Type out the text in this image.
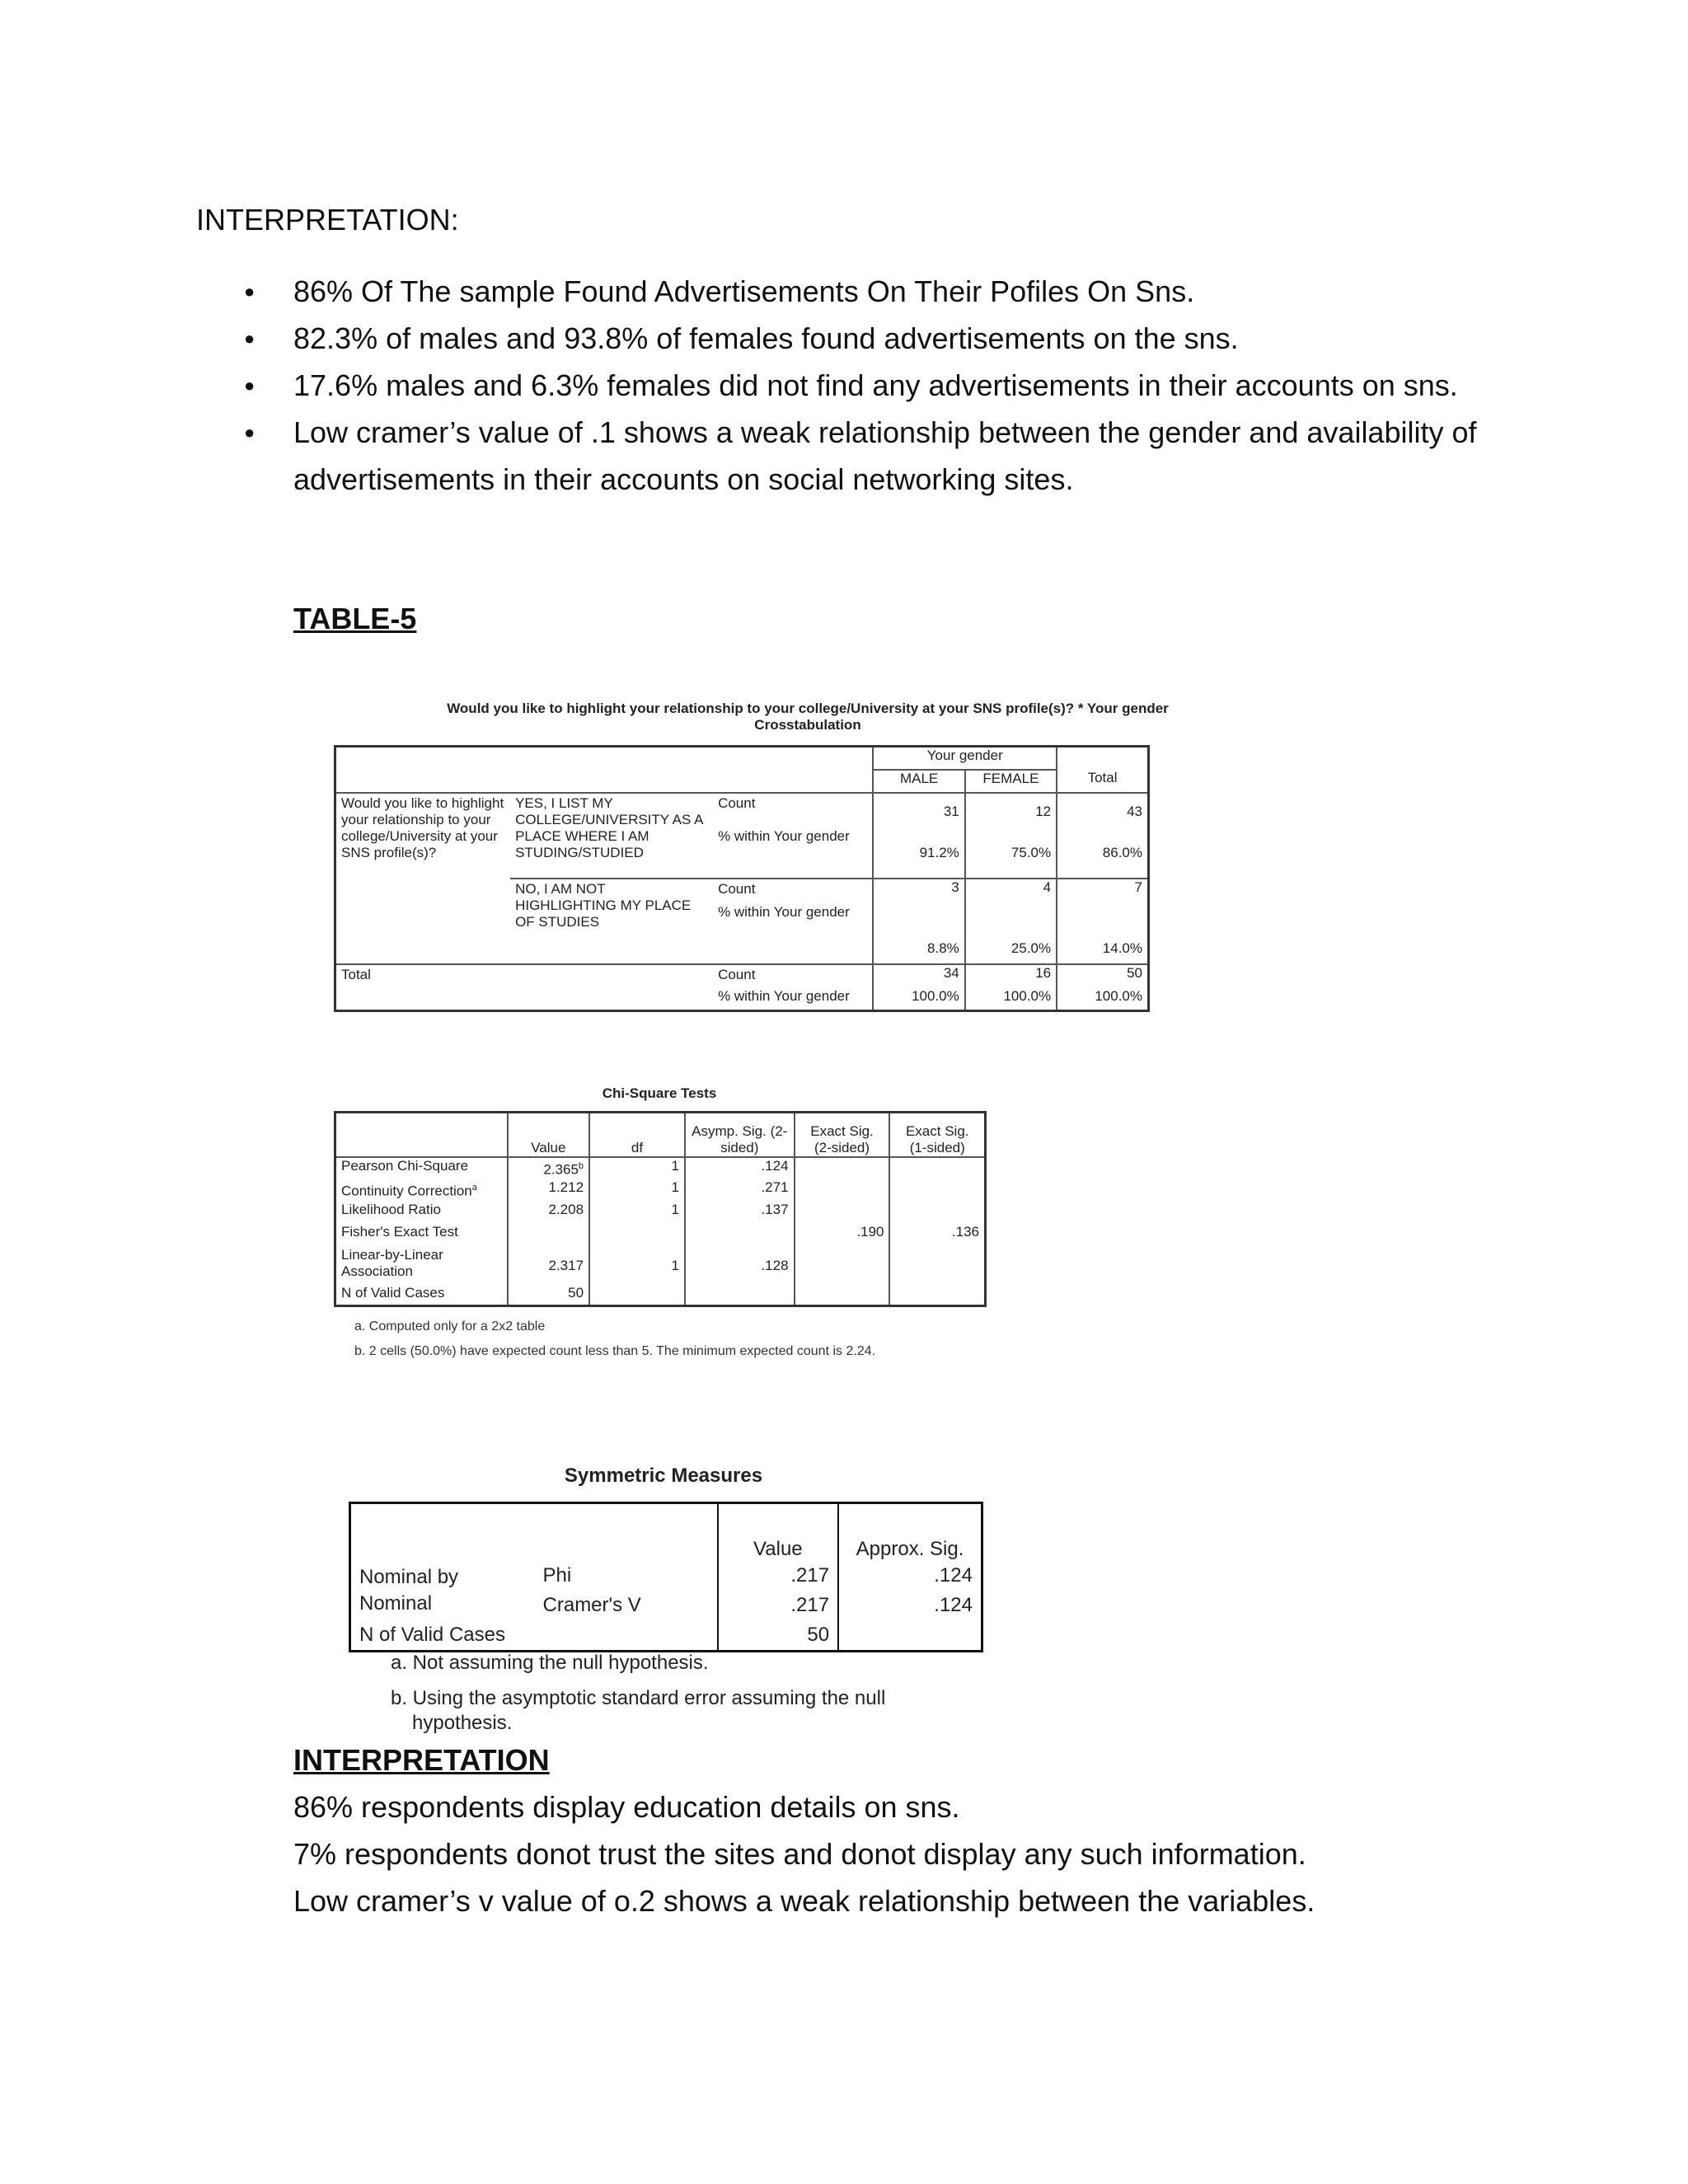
INTERPRETATION:
● 86% Of The sample Found Advertisements On Their Pofiles On Sns.
● 82.3% of males and 93.8% of females found advertisements on the sns.
● 17.6% males and 6.3% females did not find any advertisements in their accounts on sns.
● Low cramer’s value of .1 shows a weak relationship between the gender and availability of advertisements in their accounts on social networking sites.
TABLE-5
Would you like to highlight your relationship to your college/University at your SNS profile(s)? * Your gender
Crosstabulation
			Your gender		
			MALE	FEMALE	Total
Would you like to highlight your relationship to your college/University at your SNS profile(s)?	YES, I LIST MY COLLEGE/UNIVERSITY AS A PLACE WHERE I AM STUDING/STUDIED	Count	31	12	43
		% within Your gender	91.2%	75.0%	86.0%
	NO, I AM NOT HIGHLIGHTING MY PLACE OF STUDIES	Count	3	4	7
		% within Your gender	8.8%	25.0%	14.0%
Total		Count	34	16	50
		% within Your gender	100.0%	100.0%	100.0%
Chi-Square Tests
	Value	df	Asymp. Sig. (2-sided)	Exact Sig. (2-sided)	Exact Sig. (1-sided)
Pearson Chi-Square	2.365$^b$	1	.124		
Continuity Correction$^a$	1.212	1	.271		
Likelihood Ratio	2.208	1	.137		
Fisher's Exact Test				.190	.136
Linear-by-Linear Association	2.317	1	.128		
N of Valid Cases	50				
a. Computed only for a 2x2 table
b. 2 cells (50.0%) have expected count less than 5. The minimum expected count is 2.24.
Symmetric Measures
		Value	Approx. Sig.
Nominal by Nominal	Phi	.217	.124
	Cramer's V	.217	.124
N of Valid Cases		50	
a. Not assuming the null hypothesis.
b. Using the asymptotic standard error assuming the null hypothesis.

INTERPRETATION

86% respondents display education details on sns.

7% respondents donot trust the sites and donot display any such information.

Low cramer’s v value of o.2 shows a weak relationship between the variables.
